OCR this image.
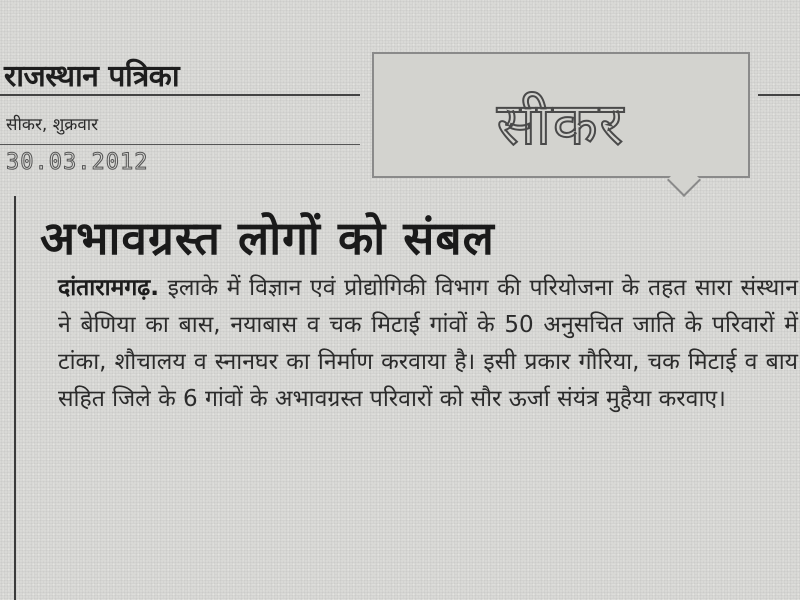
राजस्थान पत्रिका
सीकर, शुक्रवार
30.03.2012
सीकर
अभावग्रस्त लोगों को संबल

दांतारामगढ़. इलाके में विज्ञान एवं प्रोद्योगिकी विभाग की परियोजना के तहत सारा संस्थान ने बेणिया का बास, नयाबास व चक मिटाई गांवों के 50 अनुसचित जाति के परिवारों में टांका, शौचालय व स्नानघर का निर्माण करवाया है। इसी प्रकार गौरिया, चक मिटाई व बाय सहित जिले के 6 गांवों के अभावग्रस्त परिवारों को सौर ऊर्जा संयंत्र मुहैया करवाए।
